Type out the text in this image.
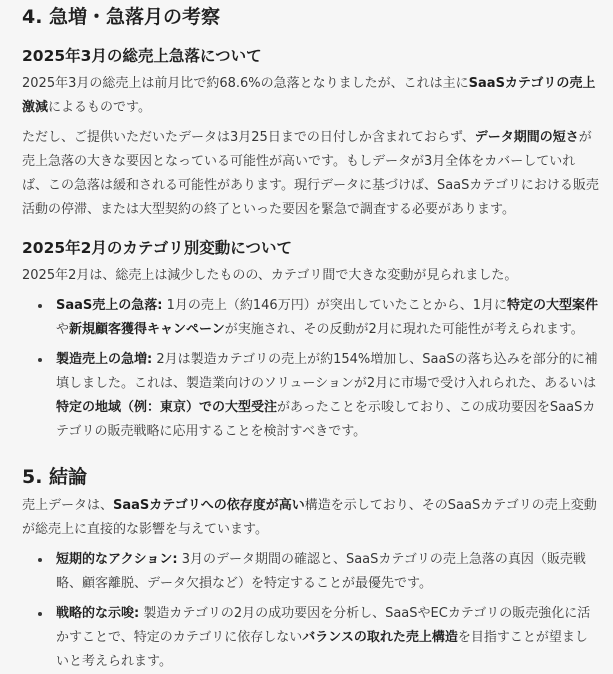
4. 急増・急落月の考察
2025年3月の総売上急落について

2025年3月の総売上は前月比で約68.6%の急落となりましたが、これは主にSaaSカテゴリの売上激減によるものです。

ただし、ご提供いただいたデータは3月25日までの日付しか含まれておらず、データ期間の短さが売上急落の大きな要因となっている可能性が高いです。もしデータが3月全体をカバーしていれば、この急落は緩和される可能性があります。現行データに基づけば、SaaSカテゴリにおける販売活動の停滞、または大型契約の終了といった要因を緊急で調査する必要があります。

2025年2月のカテゴリ別変動について

2025年2月は、総売上は減少したものの、カテゴリ間で大きな変動が見られました。

• SaaS売上の急落: 1月の売上（約146万円）が突出していたことから、1月に特定の大型案件や新規顧客獲得キャンペーンが実施され、その反動が2月に現れた可能性が考えられます。
• 製造売上の急増: 2月は製造カテゴリの売上が約154%増加し、SaaSの落ち込みを部分的に補填しました。これは、製造業向けのソリューションが2月に市場で受け入れられた、あるいは特定の地域（例：東京）での大型受注があったことを示唆しており、この成功要因をSaaSカテゴリの販売戦略に応用することを検討すべきです。
5. 結論

売上データは、SaaSカテゴリへの依存度が高い構造を示しており、そのSaaSカテゴリの売上変動が総売上に直接的な影響を与えています。

• 短期的なアクション: 3月のデータ期間の確認と、SaaSカテゴリの売上急落の真因（販売戦略、顧客離脱、データ欠損など）を特定することが最優先です。
• 戦略的な示唆: 製造カテゴリの2月の成功要因を分析し、SaaSやECカテゴリの販売強化に活かすことで、特定のカテゴリに依存しないバランスの取れた売上構造を目指すことが望ましいと考えられます。
